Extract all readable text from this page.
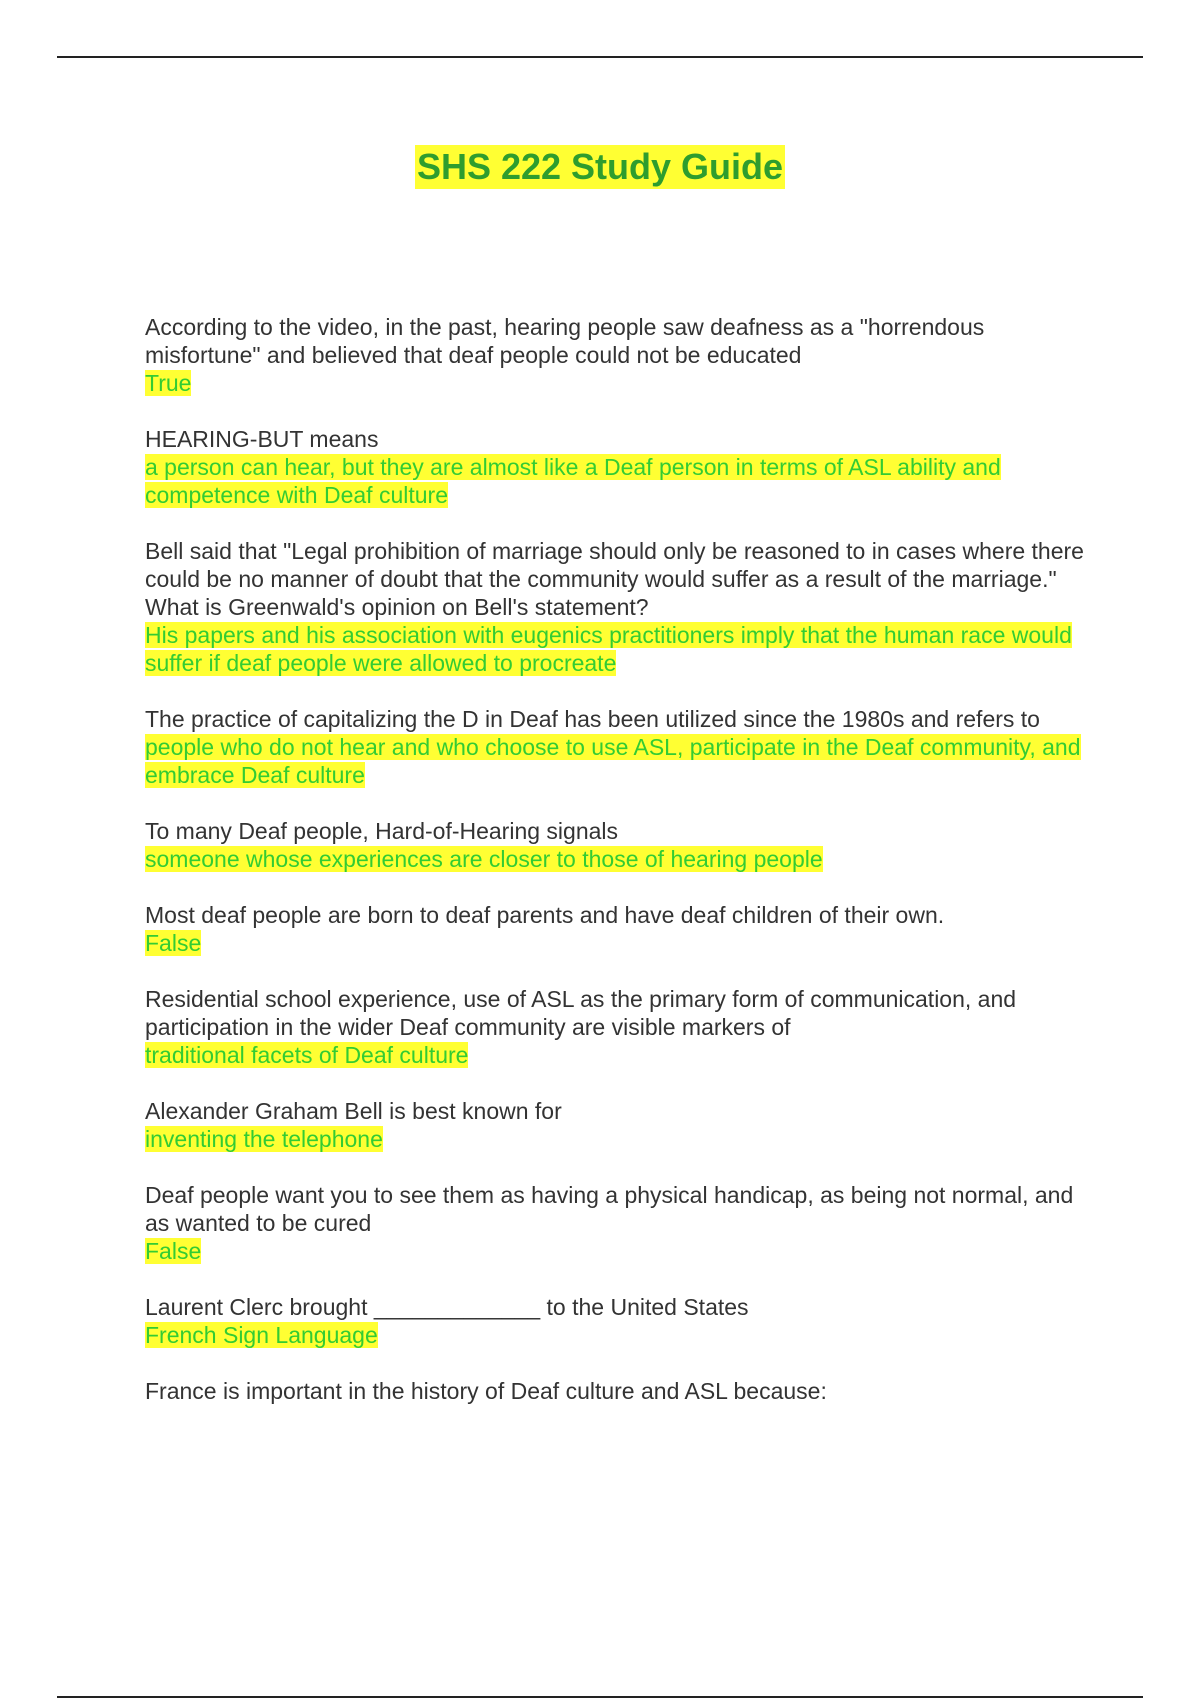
SHS 222 Study Guide

According to the video, in the past, hearing people saw deafness as a "horrendous misfortune" and believed that deaf people could not be educated

True

HEARING-BUT means

a person can hear, but they are almost like a Deaf person in terms of ASL ability and competence with Deaf culture

Bell said that "Legal prohibition of marriage should only be reasoned to in cases where there could be no manner of doubt that the community would suffer as a result of the marriage." What is Greenwald's opinion on Bell's statement?

His papers and his association with eugenics practitioners imply that the human race would suffer if deaf people were allowed to procreate

The practice of capitalizing the D in Deaf has been utilized since the 1980s and refers to

people who do not hear and who choose to use ASL, participate in the Deaf community, and embrace Deaf culture

To many Deaf people, Hard-of-Hearing signals

someone whose experiences are closer to those of hearing people

Most deaf people are born to deaf parents and have deaf children of their own.

False

Residential school experience, use of ASL as the primary form of communication, and participation in the wider Deaf community are visible markers of

traditional facets of Deaf culture

Alexander Graham Bell is best known for

inventing the telephone

Deaf people want you to see them as having a physical handicap, as being not normal, and as wanted to be cured

False

Laurent Clerc brought _____________ to the United States

French Sign Language

France is important in the history of Deaf culture and ASL because:
